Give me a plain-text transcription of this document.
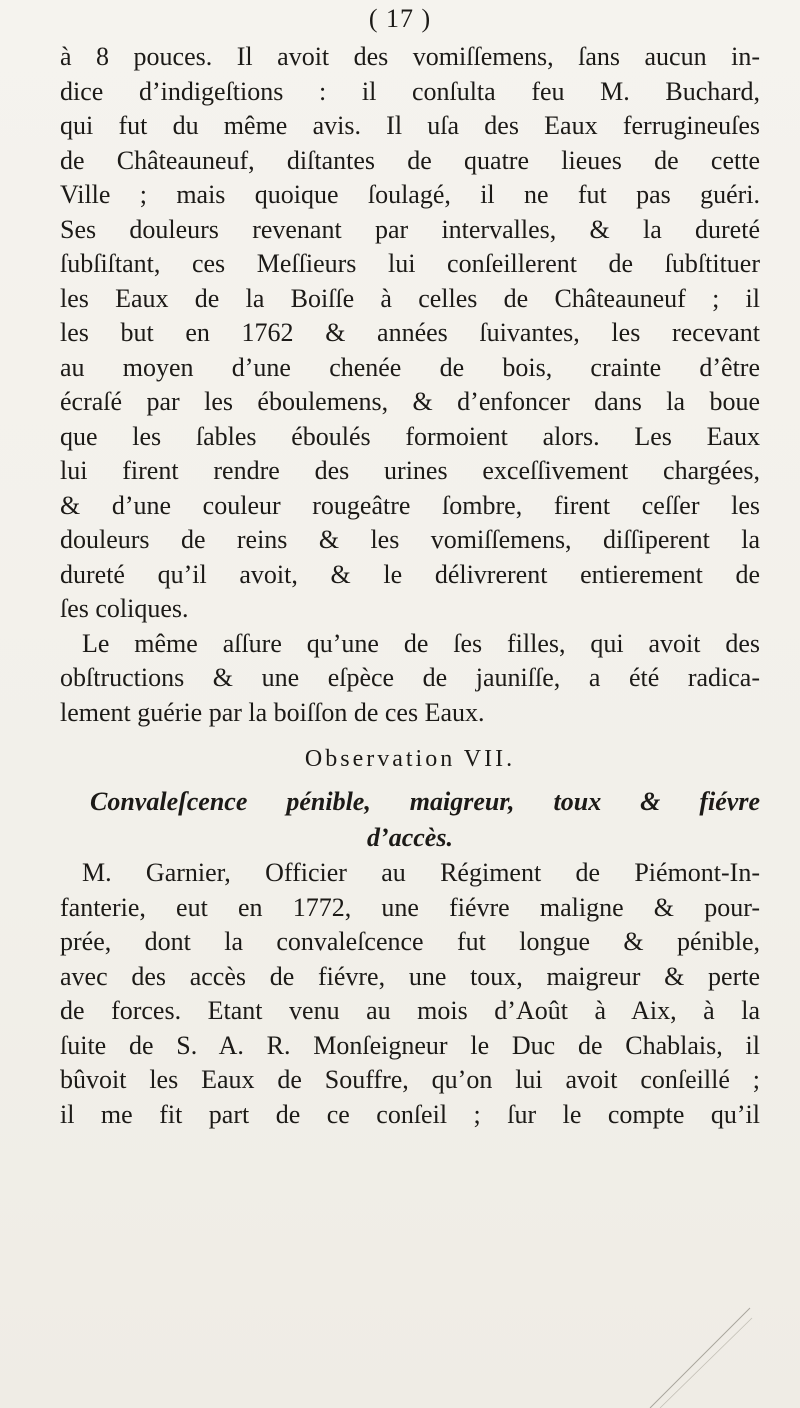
( 17 )
à 8 pouces. Il avoit des vomiſſemens, ſans aucun in-
dice d’indigeſtions : il conſulta feu M. Buchard,
qui fut du même avis. Il uſa des Eaux ferrugineuſes
de Châteauneuf, diſtantes de quatre lieues de cette
Ville ; mais quoique ſoulagé, il ne fut pas guéri.
Ses douleurs revenant par intervalles, & la dureté
ſubſiſtant, ces Meſſieurs lui conſeillerent de ſubſtituer
les Eaux de la Boiſſe à celles de Châteauneuf ; il
les but en 1762 & années ſuivantes, les recevant
au moyen d’une chenée de bois, crainte d’être
écraſé par les éboulemens, & d’enfoncer dans la boue
que les ſables éboulés formoient alors. Les Eaux
lui firent rendre des urines exceſſivement chargées,
& d’une couleur rougeâtre ſombre, firent ceſſer les
douleurs de reins & les vomiſſemens, diſſiperent la
dureté qu’il avoit, & le délivrerent entierement de
ſes coliques.
Le même aſſure qu’une de ſes filles, qui avoit des
obſtructions & une eſpèce de jauniſſe, a été radica-
lement guérie par la boiſſon de ces Eaux.
Observation VII.
Convaleſcence pénible, maigreur, toux & fiévre
d’accès.
M. Garnier, Officier au Régiment de Piémont-In-
fanterie, eut en 1772, une fiévre maligne & pour-
prée, dont la convaleſcence fut longue & pénible,
avec des accès de fiévre, une toux, maigreur & perte
de forces. Etant venu au mois d’Août à Aix, à la
ſuite de S. A. R. Monſeigneur le Duc de Chablais, il
bûvoit les Eaux de Souffre, qu’on lui avoit conſeillé ;
il me fit part de ce conſeil ; ſur le compte qu’il
